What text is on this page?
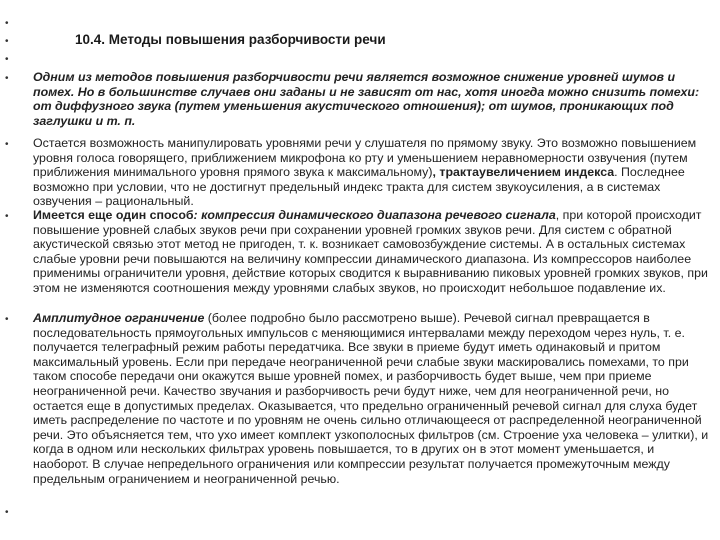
•
•
•
•
•
•
•
•
10.4. Методы повышения разборчивости речи

Одним из методов повышения разборчивости речи является возможное снижение уровней шумов и помех. Но в большинстве случаев они заданы и не зависят от нас, хотя иногда можно снизить помехи: от диффузного звука (путем уменьшения акустического отношения); от шумов, проникающих под заглушки и т. п.

Остается возможность манипулировать уровнями речи у слушателя по прямому звуку. Это возможно повышением уровня голоса говорящего, приближением микрофона ко рту и уменьшением неравномерности озвучения (путем приближения минимального уровня прямого звука к максимальному), трактаувеличением индекса. Последнее возможно при условии, что не достигнут предельный индекс тракта для систем звукоусиления, а в системах озвучения – рациональный.

Имеется еще один способ: компрессия динамического диапазона речевого сигнала, при которой происходит повышение уровней слабых звуков речи при сохранении уровней громких звуков речи. Для систем с обратной акустической связью этот метод не пригоден, т. к. возникает самовозбуждение системы. А в остальных системах слабые уровни речи повышаются на величину компрессии динамического диапазона. Из компрессоров наиболее применимы ограничители уровня, действие которых сводится к выравниванию пиковых уровней громких звуков, при этом не изменяются соотношения между уровнями слабых звуков, но происходит небольшое подавление их.

Амплитудное ограничение (более подробно было рассмотрено выше). Речевой сигнал превращается в последовательность прямоугольных импульсов с меняющимися интервалами между переходом через нуль, т. е. получается телеграфный режим работы передатчика. Все звуки в приеме будут иметь одинаковый и притом максимальный уровень. Если при передаче неограниченной речи слабые звуки маскировались помехами, то при таком способе передачи они окажутся выше уровней помех, и разборчивость будет выше, чем при приеме неограниченной речи. Качество звучания и разборчивость речи будут ниже, чем для неограниченной речи, но остается еще в допустимых пределах. Оказывается, что предельно ограниченный речевой сигнал для слуха будет иметь распределение по частоте и по уровням не очень сильно отличающееся от распределенной неограниченной речи. Это объясняется тем, что ухо имеет комплект узкополосных фильтров (см. Строение уха человека – улитки), и когда в одном или нескольких фильтрах уровень повышается, то в других он в этот момент уменьшается, и наоборот. В случае непредельного ограничения или компрессии результат получается промежуточным между предельным ограничением и неограниченной речью.
